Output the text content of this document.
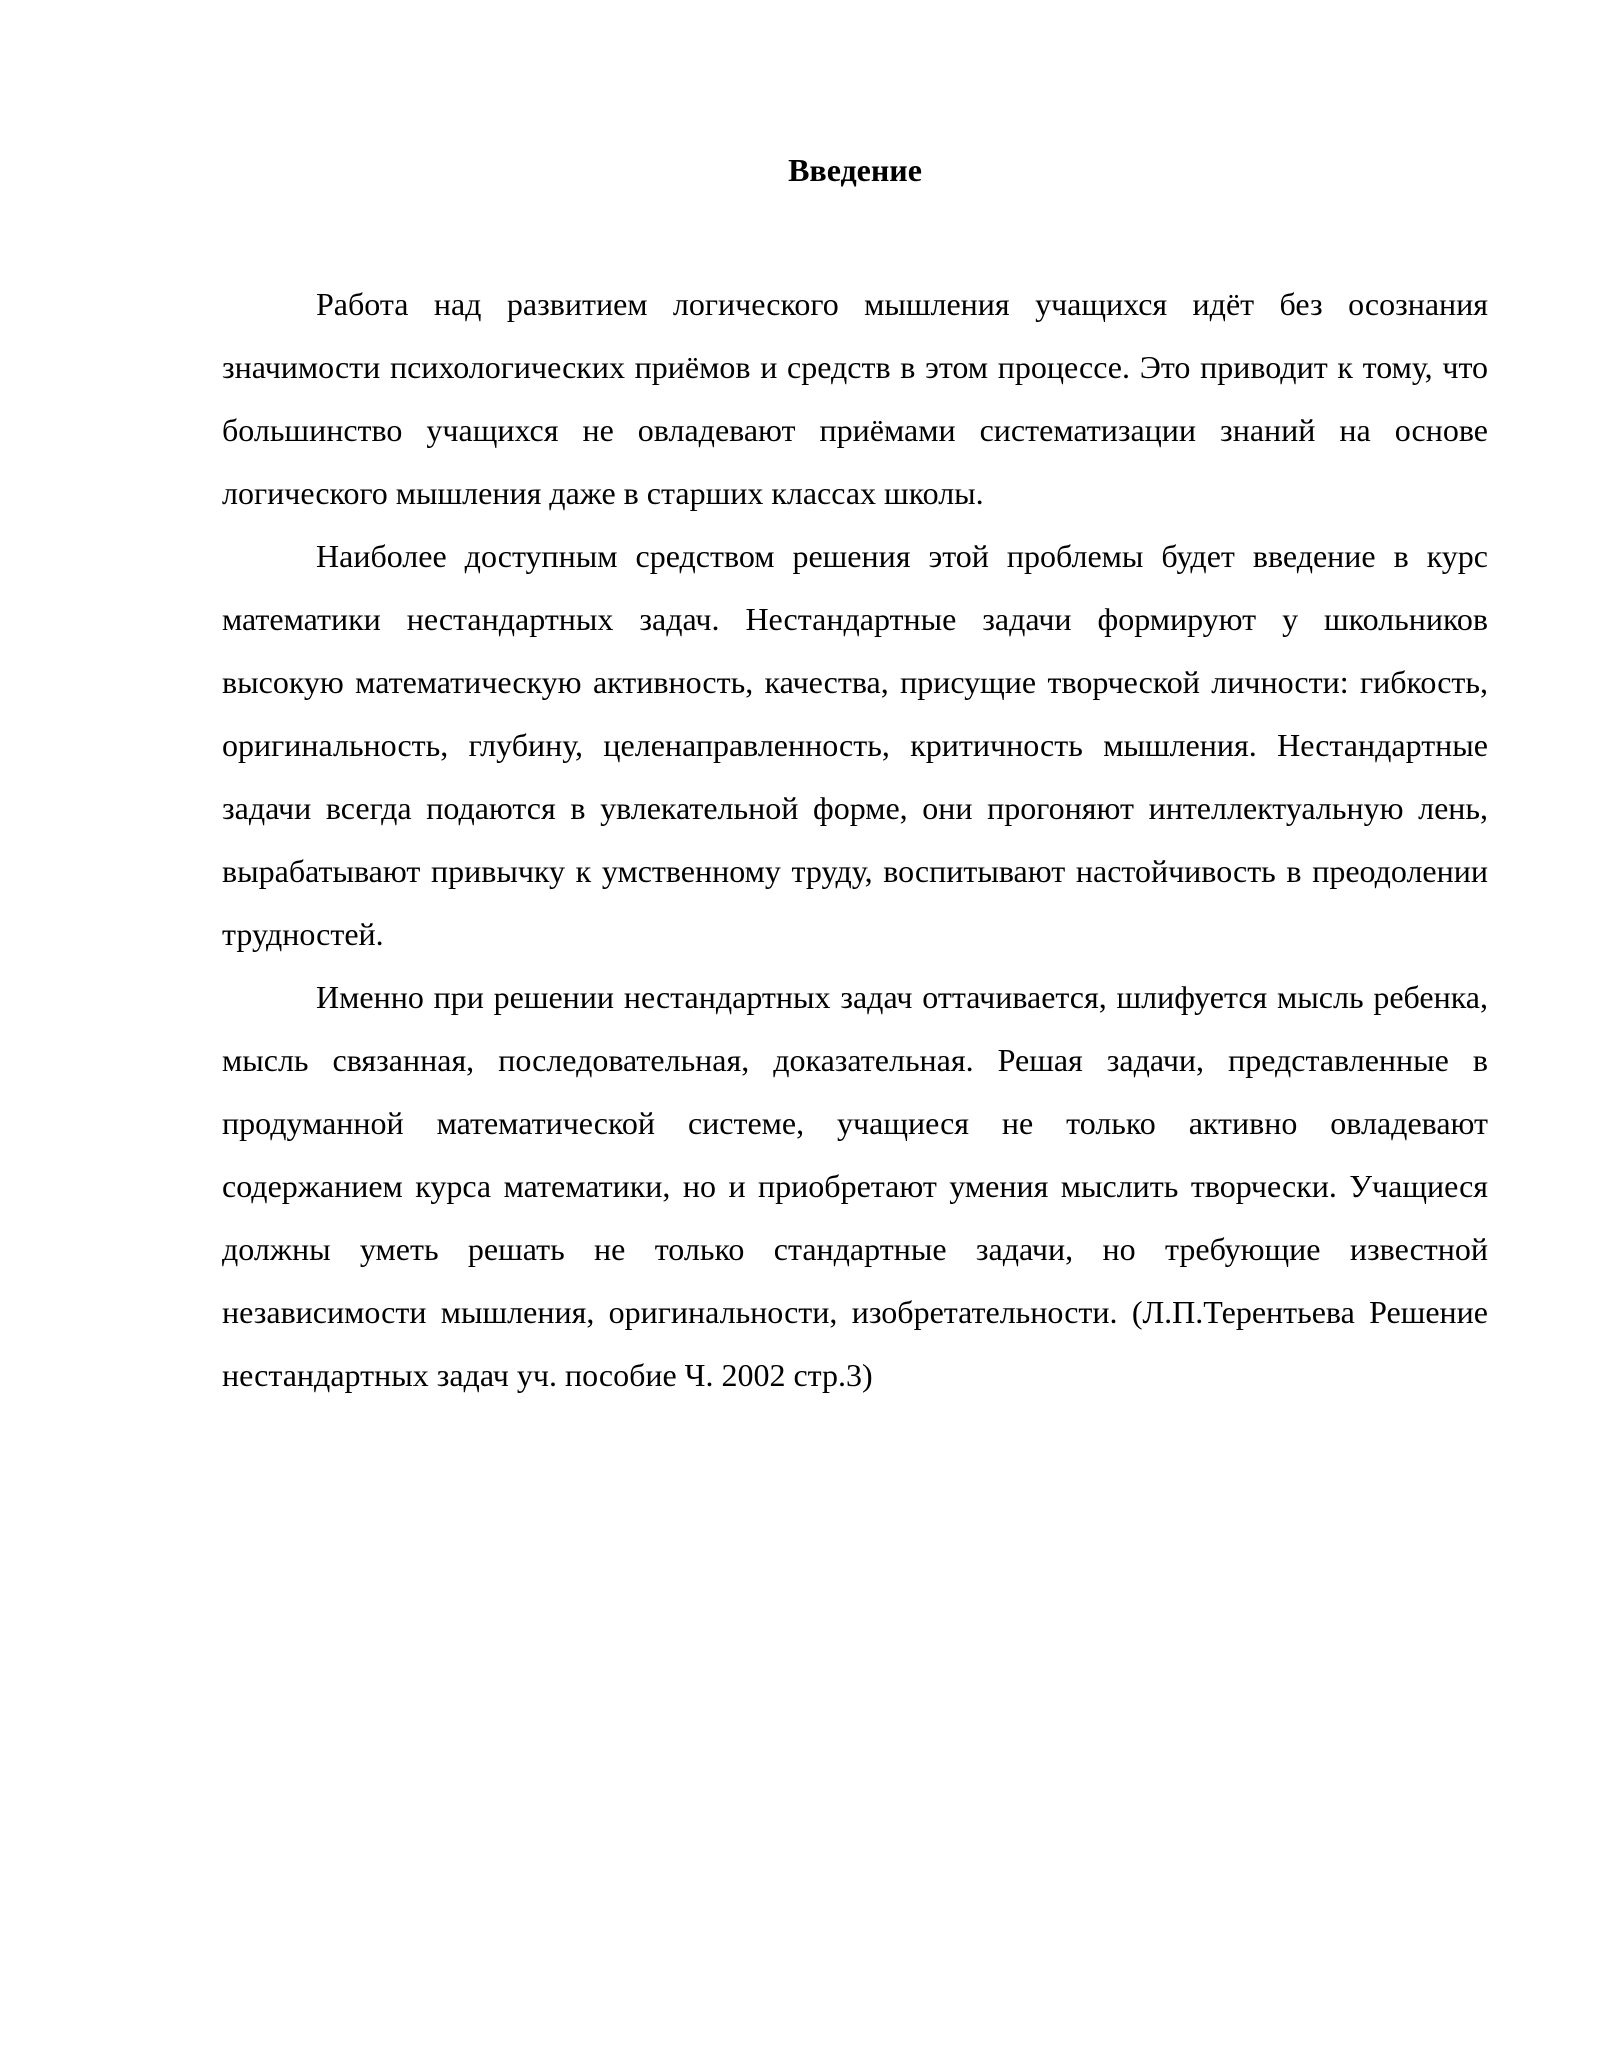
Введение

Работа над развитием логического мышления учащихся идёт без осознания значимости психологических приёмов и средств в этом процессе. Это приводит к тому, что большинство учащихся не овладевают приёмами систематизации знаний на основе логического мышления даже в старших классах школы.

Наиболее доступным средством решения этой проблемы будет введение в курс математики нестандартных задач. Нестандартные задачи формируют у школьников высокую математическую активность, качества, присущие творческой личности: гибкость, оригинальность, глубину, целенаправленность, критичность мышления. Нестандартные задачи всегда подаются в увлекательной форме, они прогоняют интеллектуальную лень, вырабатывают привычку к умственному труду, воспитывают настойчивость в преодолении трудностей.

Именно при решении нестандартных задач оттачивается, шлифуется мысль ребенка, мысль связанная, последовательная, доказательная. Решая задачи, представленные в продуманной математической системе, учащиеся не только активно овладевают содержанием курса математики, но и приобретают умения мыслить творчески. Учащиеся должны уметь решать не только стандартные задачи, но требующие известной независимости мышления, оригинальности, изобретательности. (Л.П.Терентьева Решение нестандартных задач уч. пособие Ч. 2002 стр.3)
